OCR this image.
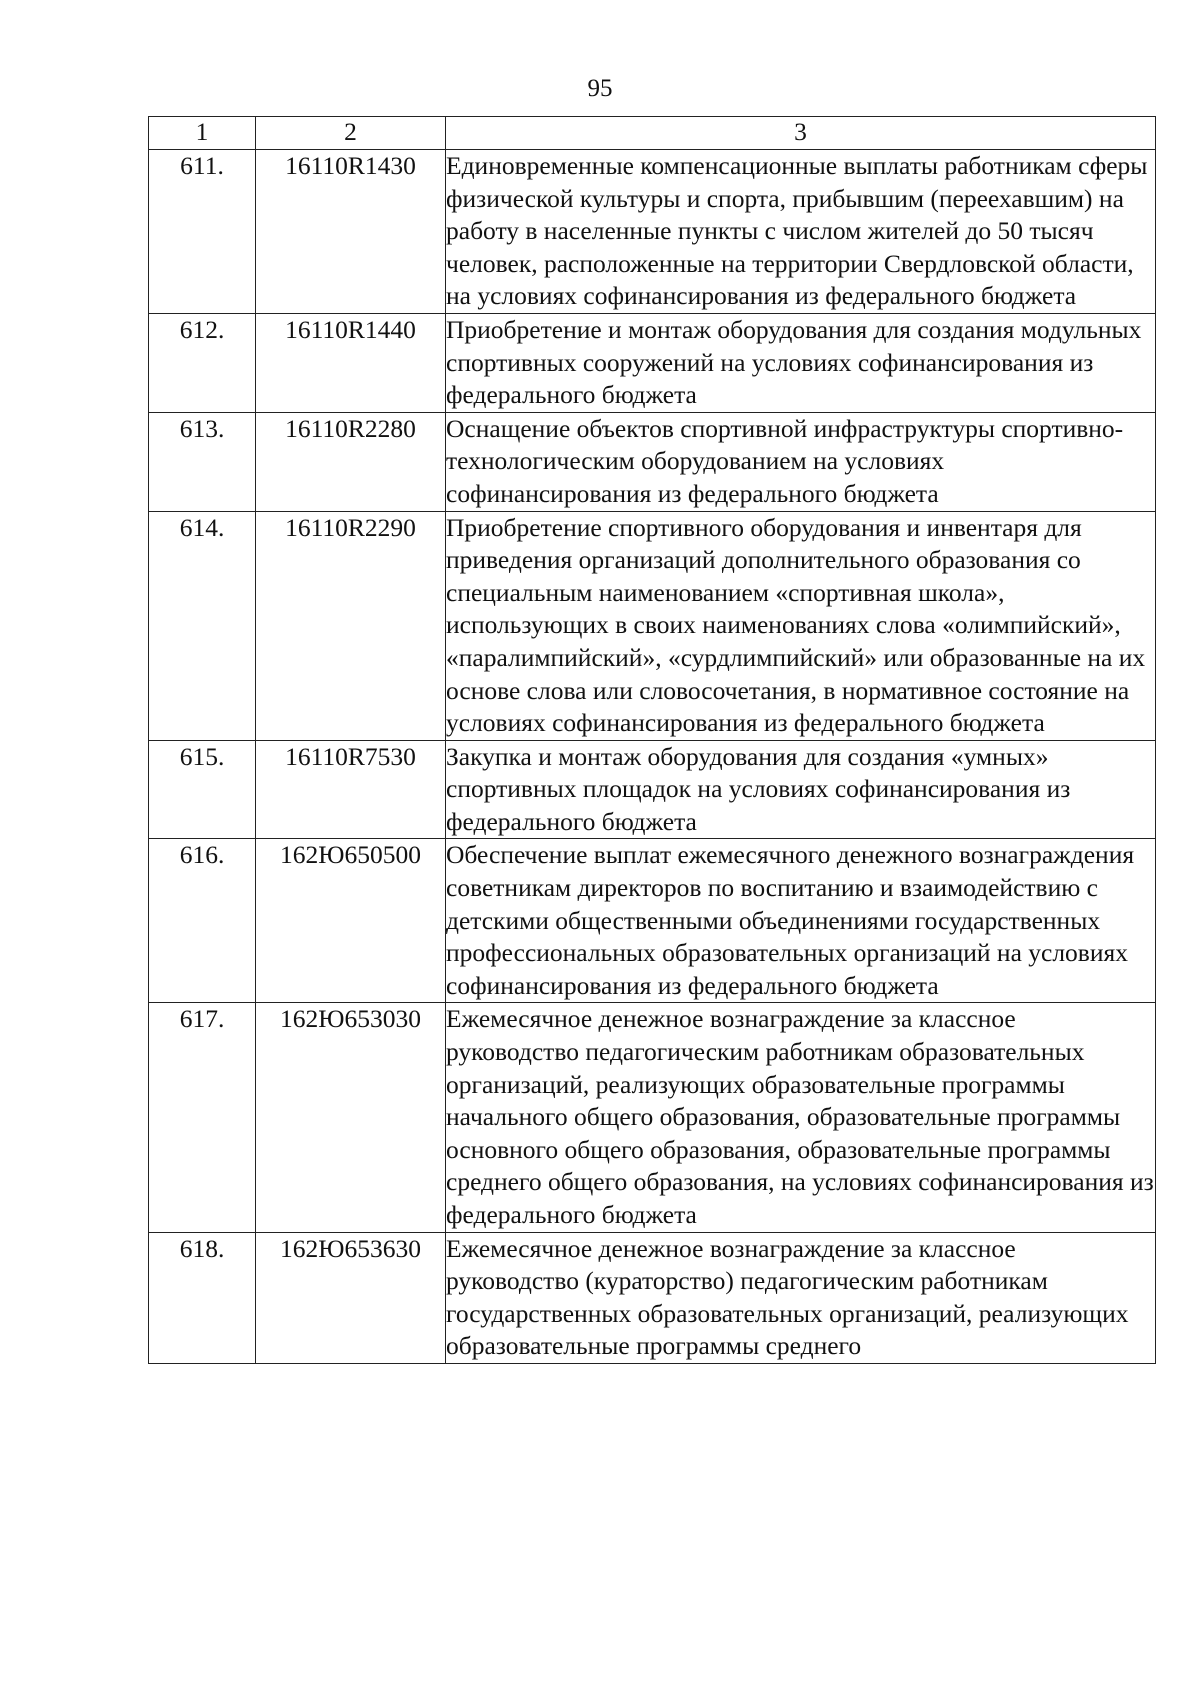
95
1	2	3
611.	16110R1430	Единовременные компенсационные выплаты работникам сферы физической культуры и спорта, прибывшим (переехавшим) на работу в населенные пункты с числом жителей до 50 тысяч человек, расположенные на территории Свердловской области, на условиях софинансирования из федерального бюджета
612.	16110R1440	Приобретение и монтаж оборудования для создания модульных спортивных сооружений на условиях софинансирования из федерального бюджета
613.	16110R2280	Оснащение объектов спортивной инфраструктуры спортивно-технологическим оборудованием на условиях софинансирования из федерального бюджета
614.	16110R2290	Приобретение спортивного оборудования и инвентаря для приведения организаций дополнительного образования со специальным наименованием «спортивная школа», использующих в своих наименованиях слова «олимпийский», «паралимпийский», «сурдлимпийский» или образованные на их основе слова или словосочетания, в нормативное состояние на условиях софинансирования из федерального бюджета
615.	16110R7530	Закупка и монтаж оборудования для создания «умных» спортивных площадок на условиях софинансирования из федерального бюджета
616.	162Ю650500	Обеспечение выплат ежемесячного денежного вознаграждения советникам директоров по воспитанию и взаимодействию с детскими общественными объединениями государственных профессиональных образовательных организаций на условиях софинансирования из федерального бюджета
617.	162Ю653030	Ежемесячное денежное вознаграждение за классное руководство педагогическим работникам образовательных организаций, реализующих образовательные программы начального общего образования, образовательные программы основного общего образования, образовательные программы среднего общего образования, на условиях софинансирования из федерального бюджета
618.	162Ю653630	Ежемесячное денежное вознаграждение за классное руководство (кураторство) педагогическим работникам государственных образовательных организаций, реализующих образовательные программы среднего
